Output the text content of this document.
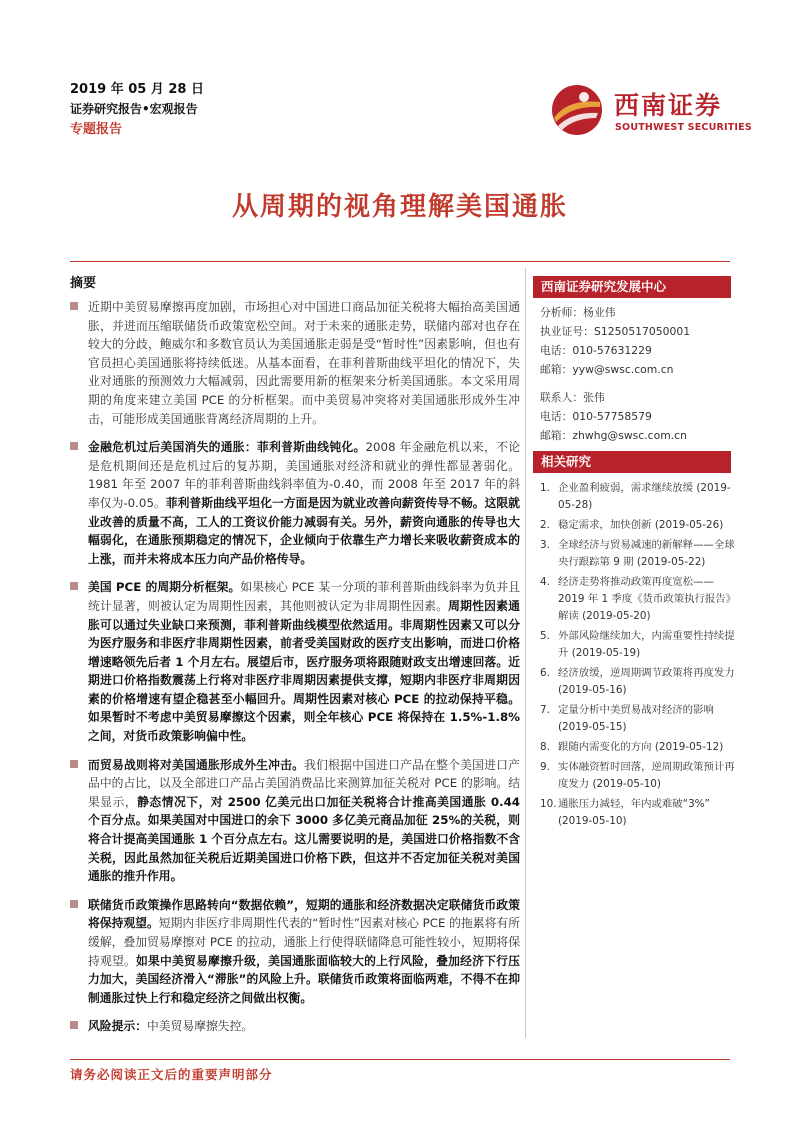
2019 年 05 月 28 日
证券研究报告•宏观报告
专题报告
西南证券
SOUTHWEST SECURITIES
从周期的视角理解美国通胀
摘要
近期中美贸易摩擦再度加剧，市场担心对中国进口商品加征关税将大幅抬高美国通胀，并进而压缩联储货币政策宽松空间。对于未来的通胀走势，联储内部对也存在较大的分歧，鲍威尔和多数官员认为美国通胀走弱是受“暂时性”因素影响，但也有官员担心美国通胀将持续低迷。从基本面看，在菲利普斯曲线平坦化的情况下，失业对通胀的预测效力大幅减弱，因此需要用新的框架来分析美国通胀。本文采用周期的角度来建立美国 PCE 的分析框架。而中美贸易冲突将对美国通胀形成外生冲击，可能形成美国通胀背离经济周期的上升。
金融危机过后美国消失的通胀：菲利普斯曲线钝化。2008 年金融危机以来，不论是危机期间还是危机过后的复苏期，美国通胀对经济和就业的弹性都显著弱化。1981 年至 2007 年的菲利普斯曲线斜率值为-0.40，而 2008 年至 2017 年的斜率仅为-0.05。菲利普斯曲线平坦化一方面是因为就业改善向薪资传导不畅。这限就业改善的质量不高，工人的工资议价能力减弱有关。另外，薪资向通胀的传导也大幅弱化，在通胀预期稳定的情况下，企业倾向于依靠生产力增长来吸收薪资成本的上涨，而并未将成本压力向产品价格传导。
美国 PCE 的周期分析框架。如果核心 PCE 某一分项的菲利普斯曲线斜率为负并且统计显著，则被认定为周期性因素，其他则被认定为非周期性因素。周期性因素通胀可以通过失业缺口来预测，菲利普斯曲线模型依然适用。非周期性因素又可以分为医疗服务和非医疗非周期性因素，前者受美国财政的医疗支出影响，而进口价格增速略领先后者 1 个月左右。展望后市，医疗服务项将跟随财政支出增速回落。近期进口价格指数震荡上行将对非医疗非周期因素提供支撑，短期内非医疗非周期因素的价格增速有望企稳甚至小幅回升。周期性因素对核心 PCE 的拉动保持平稳。如果暂时不考虑中美贸易摩擦这个因素，则全年核心 PCE 将保持在 1.5%-1.8%之间，对货币政策影响偏中性。
而贸易战则将对美国通胀形成外生冲击。我们根据中国进口产品在整个美国进口产品中的占比，以及全部进口产品占美国消费品比来测算加征关税对 PCE 的影响。结果显示，静态情况下，对 2500 亿美元出口加征关税将合计推高美国通胀 0.44 个百分点。如果美国对中国进口的余下 3000 多亿美元商品加征 25%的关税，则将合计提高美国通胀 1 个百分点左右。这儿需要说明的是，美国进口价格指数不含关税，因此虽然加征关税后近期美国进口价格下跌，但这并不否定加征关税对美国通胀的推升作用。
联储货币政策操作思路转向“数据依赖”，短期的通胀和经济数据决定联储货币政策将保持观望。短期内非医疗非周期性代表的“暂时性”因素对核心 PCE 的拖累将有所缓解，叠加贸易摩擦对 PCE 的拉动，通胀上行使得联储降息可能性较小，短期将保持观望。如果中美贸易摩擦升级，美国通胀面临较大的上行风险，叠加经济下行压力加大，美国经济滑入“滞胀”的风险上升。联储货币政策将面临两难，不得不在抑制通胀过快上行和稳定经济之间做出权衡。
风险提示：中美贸易摩擦失控。
西南证券研究发展中心
分析师：杨业伟
执业证号：S1250517050001
电话：010-57631229
邮箱：yyw@swsc.com.cn
联系人：张伟
电话：010-57758579
邮箱：zhwhg@swsc.com.cn
相关研究
1. 企业盈利疲弱，需求继续放缓 (2019-05-28)
2. 稳定需求，加快创新 (2019-05-26)
3. 全球经济与贸易减速的新解释——全球央行跟踪第 9 期 (2019-05-22)
4. 经济走势将推动政策再度宽松——2019 年 1 季度《货币政策执行报告》解读 (2019-05-20)
5. 外部风险继续加大，内需重要性持续提升 (2019-05-19)
6. 经济放缓，逆周期调节政策将再度发力 (2019-05-16)
7. 定量分析中美贸易战对经济的影响 (2019-05-15)
8. 跟随内需变化的方向 (2019-05-12)
9. 实体融资暂时回落，逆周期政策预计再度发力 (2019-05-10)
10. 通胀压力减轻，年内或难破“3%” (2019-05-10)
请务必阅读正文后的重要声明部分
